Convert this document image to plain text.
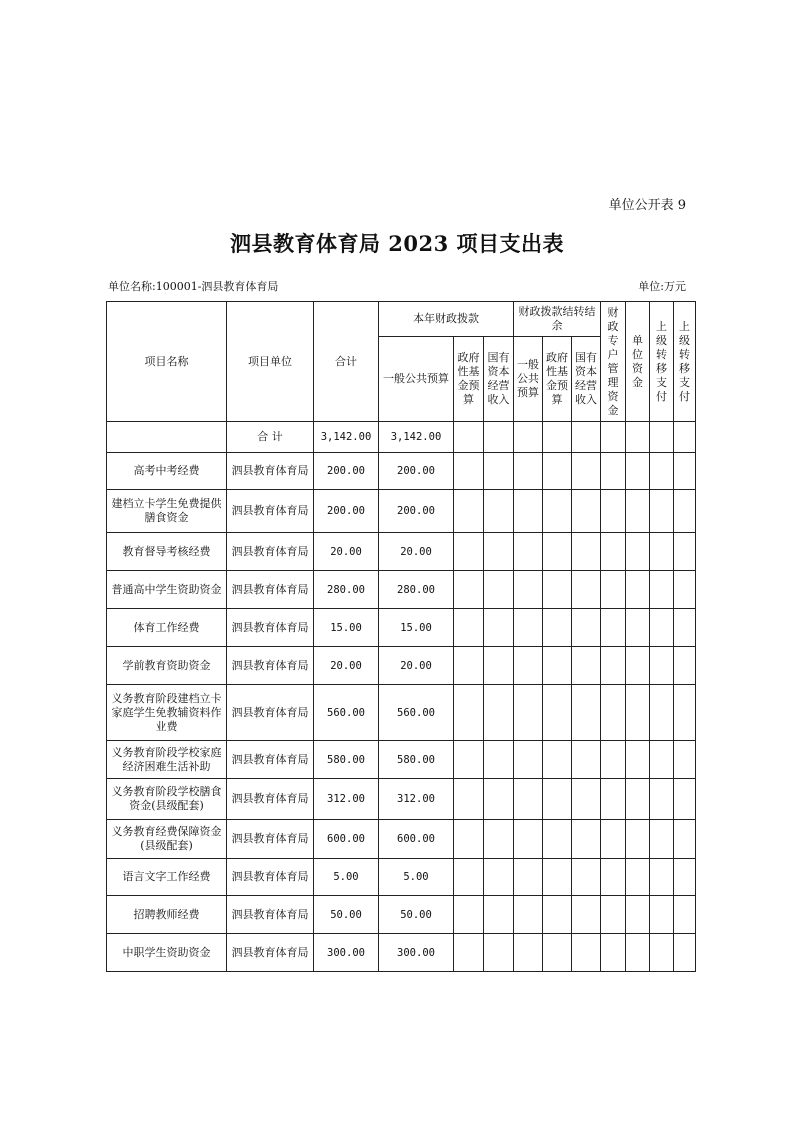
单位公开表 9
泗县教育体育局 2023 项目支出表
单位名称:100001-泗县教育体育局	单位:万元
项目名称	项目单位	合计	本年财政拨款			财政拨款结转结余			财政专户管理资金	单位资金	上级转移支付	上级转移支付
			一般公共预算	政府性基金预算	国有资本经营收入	一般公共预算	政府性基金预算	国有资本经营收入				
	合 计	3,142.00	3,142.00									
高考中考经费	泗县教育体育局	200.00	200.00									
建档立卡学生免费提供膳食资金	泗县教育体育局	200.00	200.00									
教育督导考核经费	泗县教育体育局	20.00	20.00									
普通高中学生资助资金	泗县教育体育局	280.00	280.00									
体育工作经费	泗县教育体育局	15.00	15.00									
学前教育资助资金	泗县教育体育局	20.00	20.00									
义务教育阶段建档立卡家庭学生免教辅资料作业费	泗县教育体育局	560.00	560.00									
义务教育阶段学校家庭经济困难生活补助	泗县教育体育局	580.00	580.00									
义务教育阶段学校膳食资金(县级配套)	泗县教育体育局	312.00	312.00									
义务教育经费保障资金(县级配套)	泗县教育体育局	600.00	600.00									
语言文字工作经费	泗县教育体育局	5.00	5.00									
招聘教师经费	泗县教育体育局	50.00	50.00									
中职学生资助资金	泗县教育体育局	300.00	300.00									
